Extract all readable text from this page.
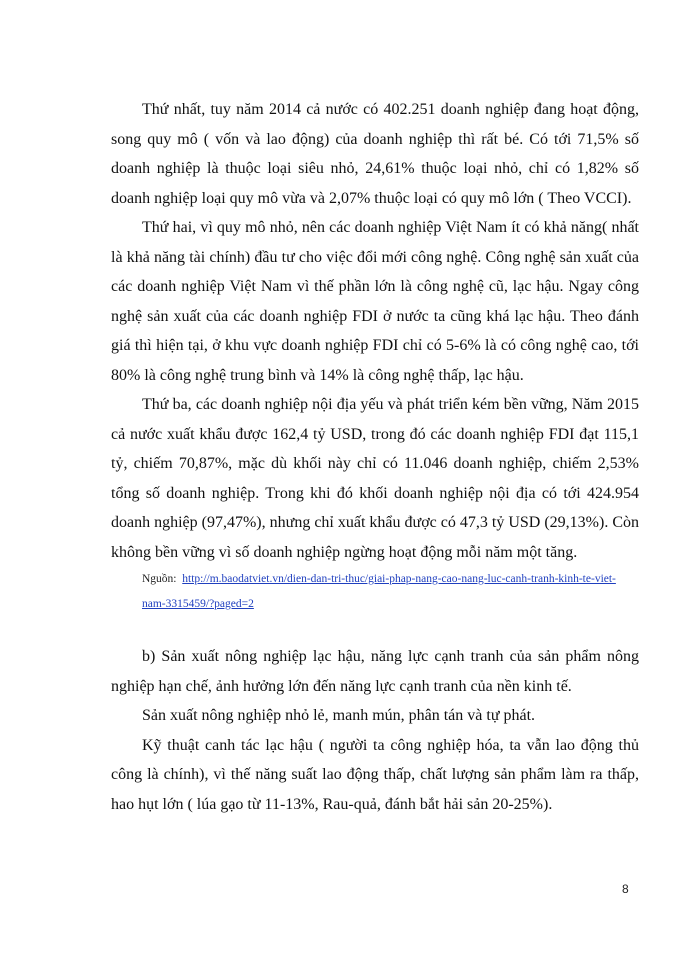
Thứ nhất, tuy năm 2014 cả nước có 402.251 doanh nghiệp đang hoạt động, song quy mô ( vốn và lao động) của doanh nghiệp thì rất bé. Có tới 71,5% số doanh nghiệp là thuộc loại siêu nhỏ, 24,61% thuộc loại nhỏ, chỉ có 1,82% số doanh nghiệp loại quy mô vừa và 2,07% thuộc loại có quy mô lớn ( Theo VCCI).

Thứ hai, vì quy mô nhỏ, nên các doanh nghiệp Việt Nam ít có khả năng( nhất là khả năng tài chính) đầu tư cho việc đổi mới công nghệ. Công nghệ sản xuất của các doanh nghiệp Việt Nam vì thế phần lớn là công nghệ cũ, lạc hậu. Ngay công nghệ sản xuất của các doanh nghiệp FDI ở nước ta cũng khá lạc hậu. Theo đánh giá thì hiện tại, ở khu vực doanh nghiệp FDI chỉ có 5-6% là có công nghệ cao, tới 80% là công nghệ trung bình và 14% là công nghệ thấp, lạc hậu.

Thứ ba, các doanh nghiệp nội địa yếu và phát triển kém bền vững, Năm 2015 cả nước xuất khẩu được 162,4 tỷ USD, trong đó các doanh nghiệp FDI đạt 115,1 tỷ, chiếm 70,87%, mặc dù khối này chỉ có 11.046 doanh nghiệp, chiếm 2,53% tổng số doanh nghiệp. Trong khi đó khối doanh nghiệp nội địa có tới 424.954 doanh nghiệp (97,47%), nhưng chỉ xuất khẩu được có 47,3 tỷ USD (29,13%). Còn không bền vững vì số doanh nghiệp ngừng hoạt động mỗi năm một tăng.

Nguồn: http://m.baodatviet.vn/dien-dan-tri-thuc/giai-phap-nang-cao-nang-luc-canh-tranh-kinh-te-viet-nam-3315459/?paged=2

b) Sản xuất nông nghiệp lạc hậu, năng lực cạnh tranh của sản phẩm nông nghiệp hạn chế, ảnh hưởng lớn đến năng lực cạnh tranh của nền kinh tế.

Sản xuất nông nghiệp nhỏ lẻ, manh mún, phân tán và tự phát.

Kỹ thuật canh tác lạc hậu ( người ta công nghiệp hóa, ta vẫn lao động thủ công là chính), vì thế năng suất lao động thấp, chất lượng sản phẩm làm ra thấp, hao hụt lớn ( lúa gạo từ 11-13%, Rau-quả, đánh bắt hải sản 20-25%).

8
